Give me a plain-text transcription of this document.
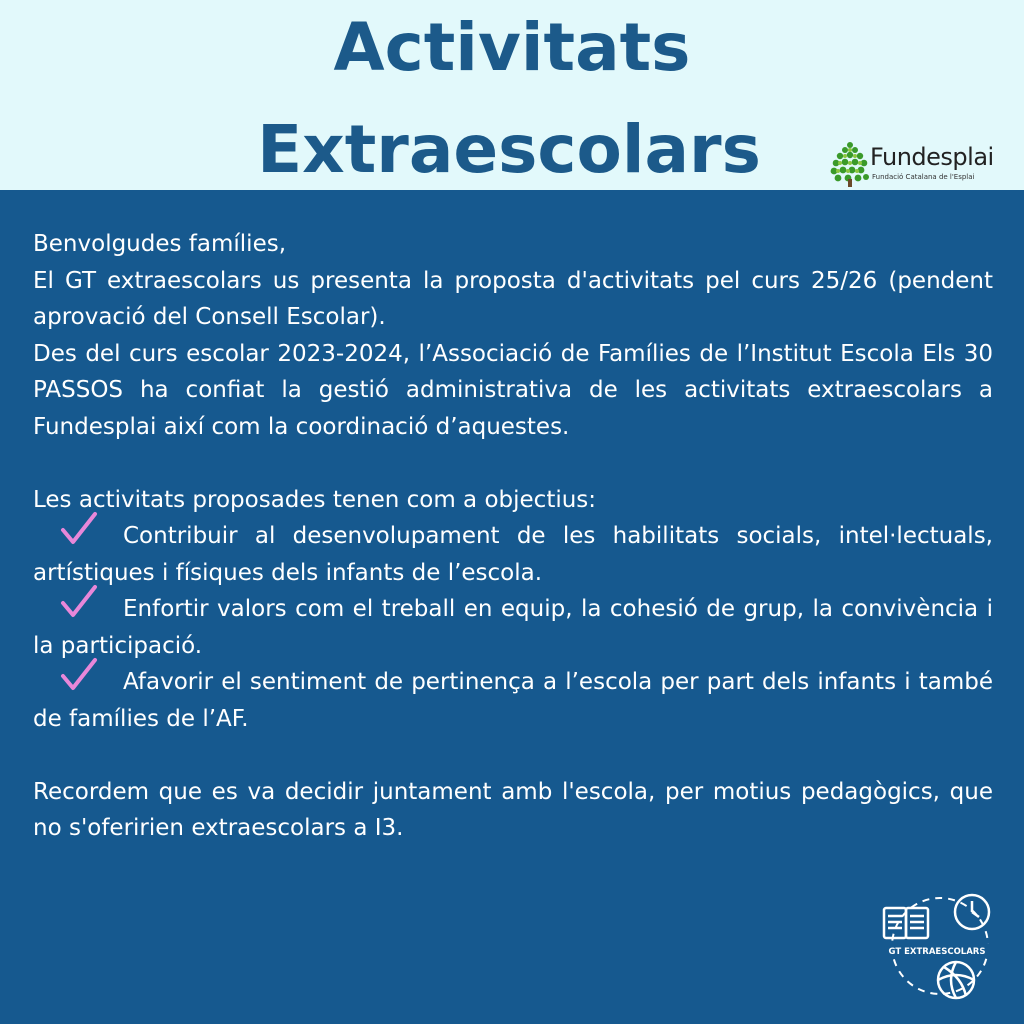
Activitats
Extraescolars	Fundesplai
Fundació Catalana de l'Esplai

Benvolgudes famílies,

El GT extraescolars us presenta la proposta d'activitats pel curs 25/26 (pendent aprovació del Consell Escolar).

Des del curs escolar 2023-2024, l’Associació de Famílies de l’Institut Escola Els 30 PASSOS ha confiat la gestió administrativa de les activitats extraescolars a Fundesplai així com la coordinació d’aquestes.

Les activitats proposades tenen com a objectius:

Contribuir al desenvolupament de les habilitats socials, intel·lectuals, artístiques i físiques dels infants de l’escola.

Enfortir valors com el treball en equip, la cohesió de grup, la convivència i la participació.

Afavorir el sentiment de pertinença a l’escola per part dels infants i també de famílies de l’AF.

Recordem que es va decidir juntament amb l'escola, per motius pedagògics, que no s'oferirien extraescolars a I3.

GT EXTRAESCOLARS
